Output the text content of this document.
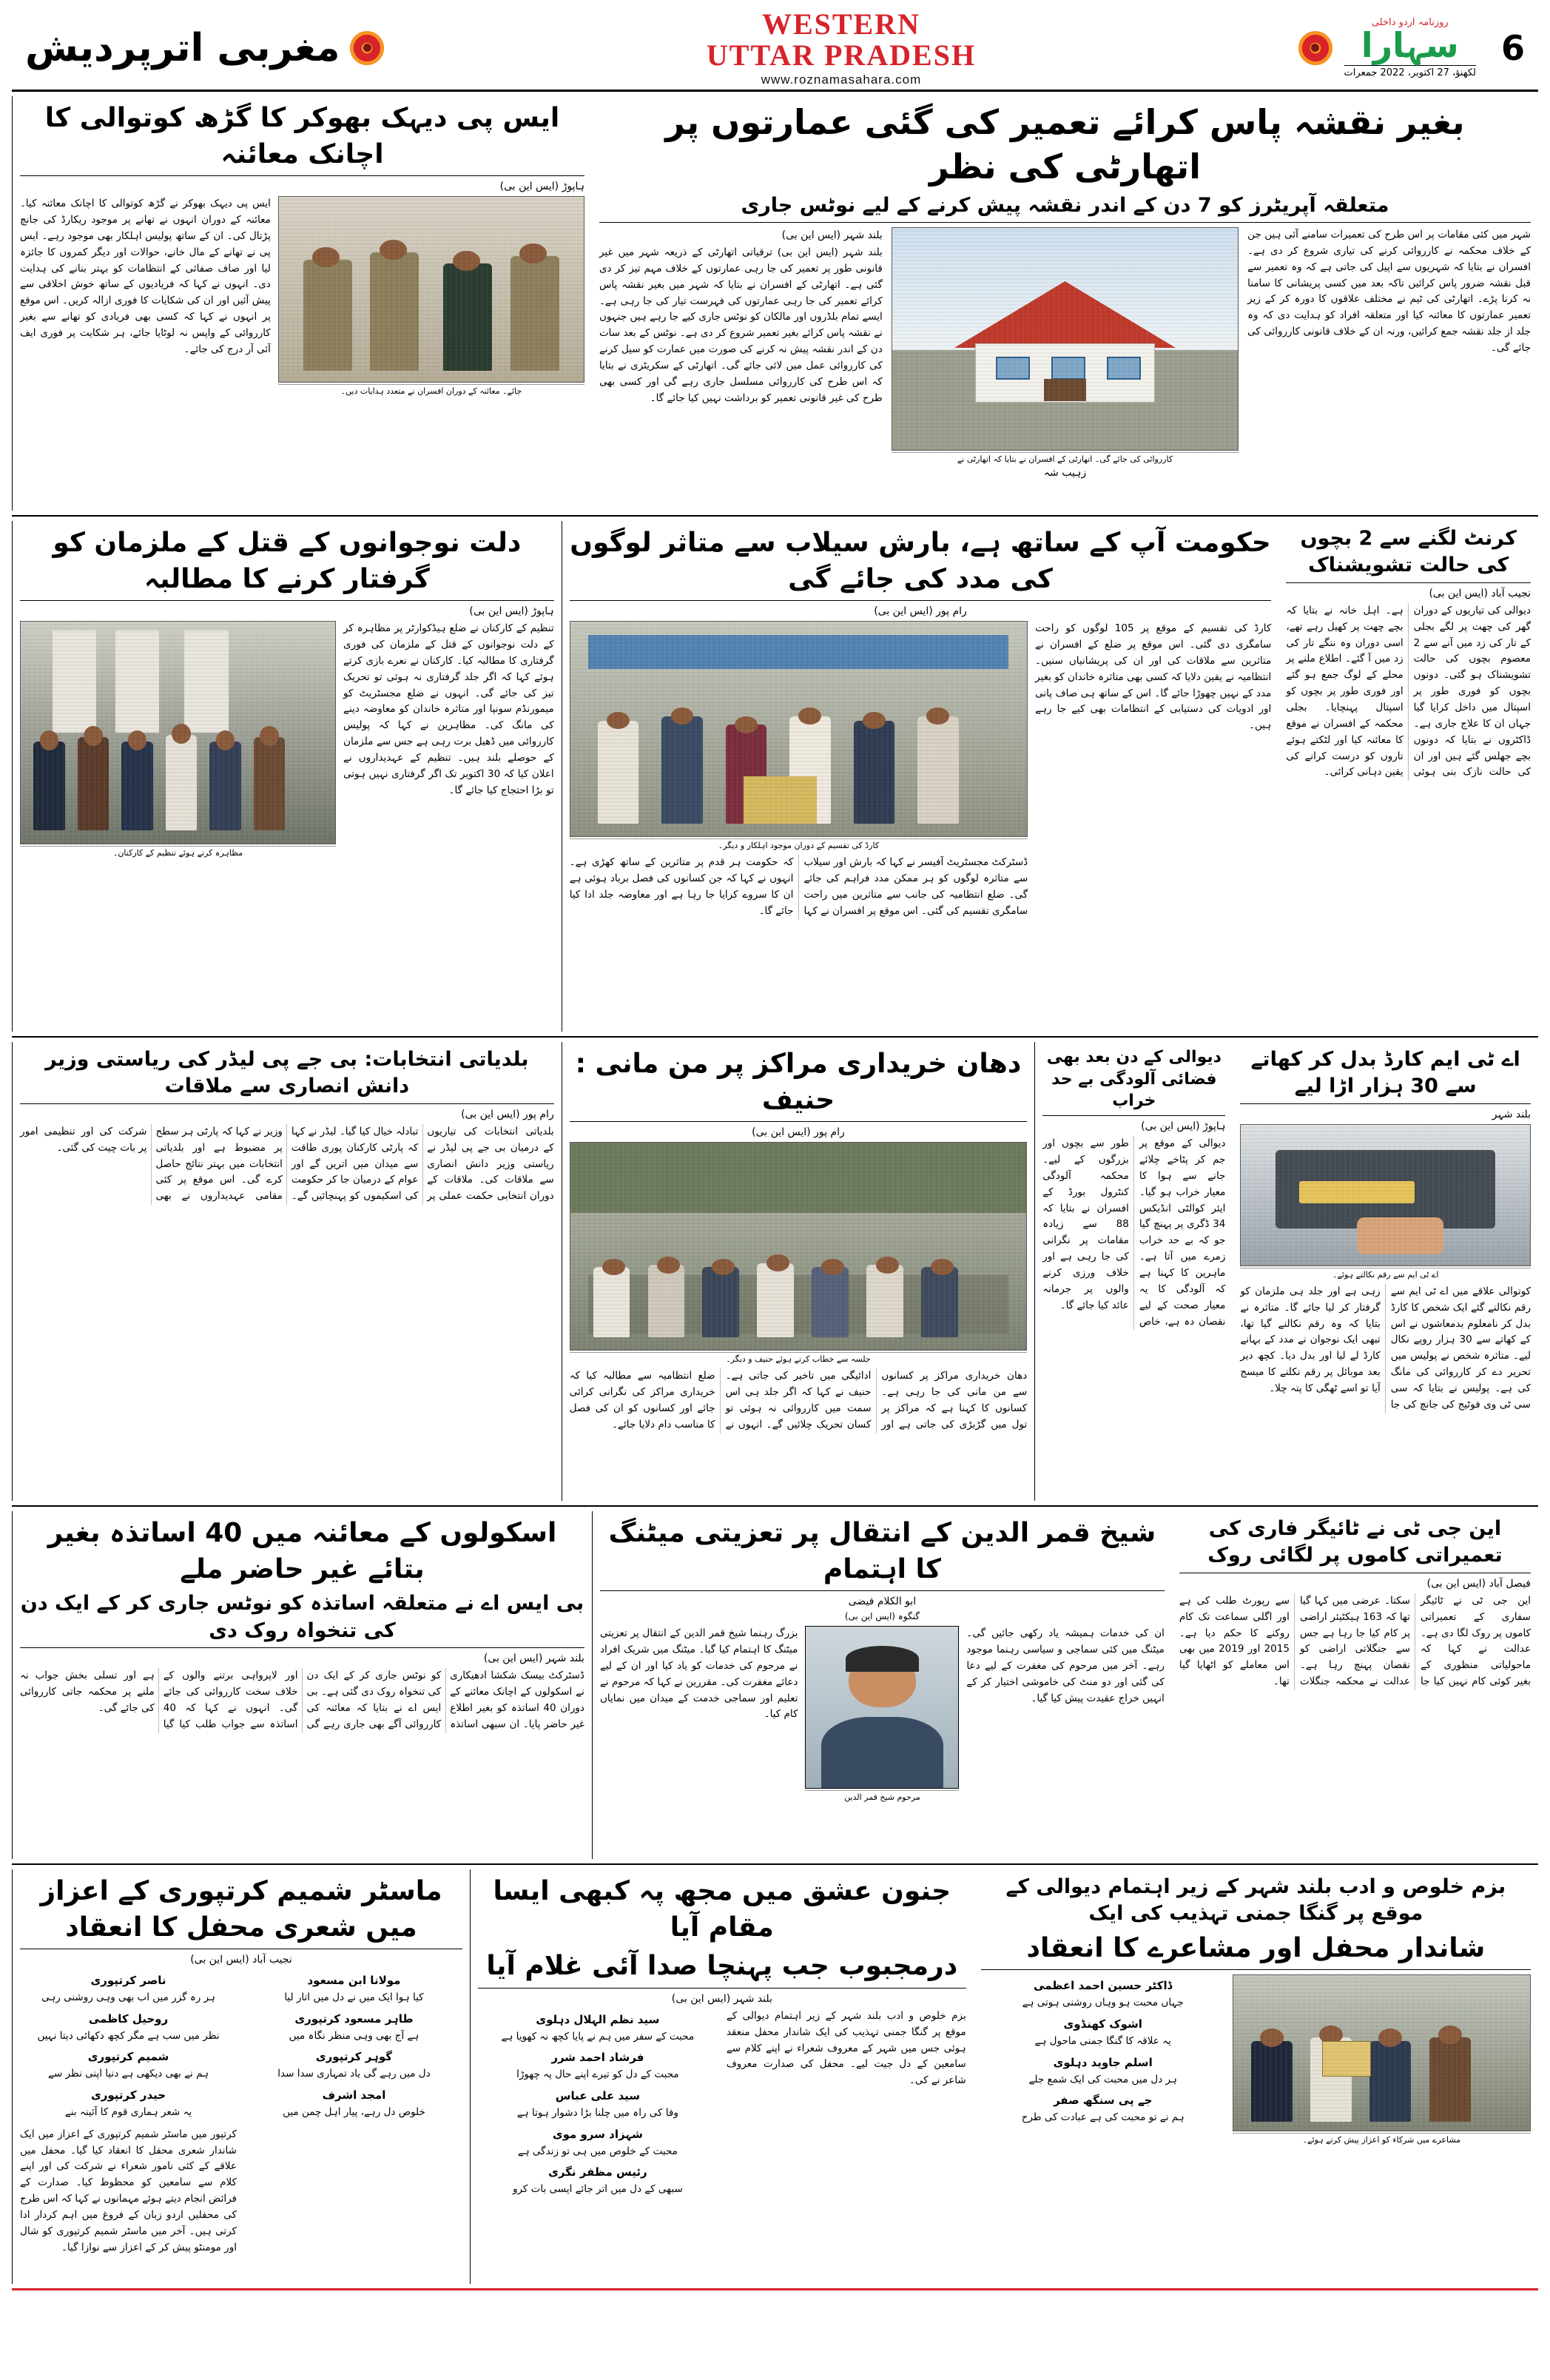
مغربی اترپردیش
WESTERN
UTTAR PRADESH
www.roznamasahara.com
روزنامہ اردو داخلی
سہارا
لکھنؤ، 27 اکتوبر، 2022 جمعرات
6
بغیر نقشہ پاس کرائے تعمیر کی گئی عمارتوں پر اتھارٹی کی نظر
متعلقہ آپریٹرز کو 7 دن کے اندر نقشہ پیش کرنے کے لیے نوٹس جاری
شہر میں کئی مقامات پر اس طرح کی تعمیرات سامنے آئی ہیں جن کے خلاف محکمہ نے کارروائی کرنے کی تیاری شروع کر دی ہے۔ افسران نے بتایا کہ شہریوں سے اپیل کی جاتی ہے کہ وہ تعمیر سے قبل نقشہ ضرور پاس کرائیں تاکہ بعد میں کسی پریشانی کا سامنا نہ کرنا پڑے۔ اتھارٹی کی ٹیم نے مختلف علاقوں کا دورہ کر کے زیر تعمیر عمارتوں کا معائنہ کیا اور متعلقہ افراد کو ہدایت دی کہ وہ جلد از جلد نقشہ جمع کرائیں، ورنہ ان کے خلاف قانونی کارروائی کی جائے گی۔
کارروائی کی جائے گی۔ اتھارٹی کے افسران نے بتایا کہ اتھارٹی نے
زہیب شہ
بلند شہر (ایس این بی)
بلند شہر (ایس این بی) ترقیاتی اتھارٹی کے ذریعہ شہر میں غیر قانونی طور پر تعمیر کی جا رہی عمارتوں کے خلاف مہم تیز کر دی گئی ہے۔ اتھارٹی کے افسران نے بتایا کہ شہر میں بغیر نقشہ پاس کرائے تعمیر کی جا رہی عمارتوں کی فہرست تیار کی جا رہی ہے۔ ایسے تمام بلڈروں اور مالکان کو نوٹس جاری کیے جا رہے ہیں جنہوں نے نقشہ پاس کرائے بغیر تعمیر شروع کر دی ہے۔ نوٹس کے بعد سات دن کے اندر نقشہ پیش نہ کرنے کی صورت میں عمارت کو سیل کرنے کی کارروائی عمل میں لائی جائے گی۔ اتھارٹی کے سکریٹری نے بتایا کہ اس طرح کی کارروائی مسلسل جاری رہے گی اور کسی بھی طرح کی غیر قانونی تعمیر کو برداشت نہیں کیا جائے گا۔
ایس پی دیہک بھوکر کا گڑھ کوتوالی کا اچانک معائنہ
ہاپوڑ (ایس این بی)
جائے۔ معائنہ کے دوران افسران نے متعدد ہدایات دیں۔
ایس پی دیہک بھوکر نے گڑھ کوتوالی کا اچانک معائنہ کیا۔ معائنہ کے دوران انہوں نے تھانے پر موجود ریکارڈ کی جانچ پڑتال کی۔ ان کے ساتھ پولیس اہلکار بھی موجود رہے۔ ایس پی نے تھانے کے مال خانے، حوالات اور دیگر کمروں کا جائزہ لیا اور صاف صفائی کے انتظامات کو بہتر بنانے کی ہدایت دی۔ انہوں نے کہا کہ فریادیوں کے ساتھ خوش اخلاقی سے پیش آئیں اور ان کی شکایات کا فوری ازالہ کریں۔ اس موقع پر انہوں نے کہا کہ کسی بھی فریادی کو تھانے سے بغیر کارروائی کے واپس نہ لوٹایا جائے، ہر شکایت پر فوری ایف آئی آر درج کی جائے۔
کرنٹ لگنے سے 2 بچوں کی حالت تشویشناک
نجیب آباد (ایس این بی)
دیوالی کی تیاریوں کے دوران گھر کی چھت پر لگے بجلی کے تار کی زد میں آنے سے 2 معصوم بچوں کی حالت تشویشناک ہو گئی۔ دونوں بچوں کو فوری طور پر اسپتال میں داخل کرایا گیا جہاں ان کا علاج جاری ہے۔ ڈاکٹروں نے بتایا کہ دونوں بچے جھلس گئے ہیں اور ان کی حالت نازک بنی ہوئی ہے۔ اہل خانہ نے بتایا کہ بچے چھت پر کھیل رہے تھے، اسی دوران وہ ننگے تار کی زد میں آ گئے۔ اطلاع ملنے پر محلے کے لوگ جمع ہو گئے اور فوری طور پر بچوں کو اسپتال پہنچایا۔ بجلی محکمہ کے افسران نے موقع کا معائنہ کیا اور لٹکتے ہوئے تاروں کو درست کرانے کی یقین دہانی کرائی۔
حکومت آپ کے ساتھ ہے، بارش سیلاب سے متاثر لوگوں کی مدد کی جائے گی
رام پور (ایس این بی)
کارڈ کی تقسیم کے موقع پر 105 لوگوں کو راحت سامگری دی گئی۔ اس موقع پر ضلع کے افسران نے متاثرین سے ملاقات کی اور ان کی پریشانیاں سنیں۔ انتظامیہ نے یقین دلایا کہ کسی بھی متاثرہ خاندان کو بغیر مدد کے نہیں چھوڑا جائے گا۔ اس کے ساتھ ہی صاف پانی اور ادویات کی دستیابی کے انتظامات بھی کیے جا رہے ہیں۔
کارڈ کی تقسیم کے دوران موجود اہلکار و دیگر۔
ڈسٹرکٹ مجسٹریٹ آفیسر نے کہا کہ بارش اور سیلاب سے متاثرہ لوگوں کو ہر ممکن مدد فراہم کی جائے گی۔ ضلع انتظامیہ کی جانب سے متاثرین میں راحت سامگری تقسیم کی گئی۔ اس موقع پر افسران نے کہا کہ حکومت ہر قدم پر متاثرین کے ساتھ کھڑی ہے۔ انہوں نے کہا کہ جن کسانوں کی فصل برباد ہوئی ہے ان کا سروے کرایا جا رہا ہے اور معاوضہ جلد ادا کیا جائے گا۔
دلت نوجوانوں کے قتل کے ملزمان کو گرفتار کرنے کا مطالبہ
ہاپوڑ (ایس این بی)
تنظیم کے کارکنان نے ضلع ہیڈکوارٹر پر مظاہرہ کر کے دلت نوجوانوں کے قتل کے ملزمان کی فوری گرفتاری کا مطالبہ کیا۔ کارکنان نے نعرے بازی کرتے ہوئے کہا کہ اگر جلد گرفتاری نہ ہوئی تو تحریک تیز کی جائے گی۔ انہوں نے ضلع مجسٹریٹ کو میمورنڈم سونپا اور متاثرہ خاندان کو معاوضہ دینے کی مانگ کی۔ مظاہرین نے کہا کہ پولیس کارروائی میں ڈھیل برت رہی ہے جس سے ملزمان کے حوصلے بلند ہیں۔ تنظیم کے عہدیداروں نے اعلان کیا کہ 30 اکتوبر تک اگر گرفتاری نہیں ہوتی تو بڑا احتجاج کیا جائے گا۔
مظاہرہ کرتے ہوئے تنظیم کے کارکنان۔
اے ٹی ایم کارڈ بدل کر کھاتے سے 30 ہزار اڑا لیے
بلند شہر
اے ٹی ایم سے رقم نکالتے ہوئے۔
کوتوالی علاقے میں اے ٹی ایم سے رقم نکالنے گئے ایک شخص کا کارڈ بدل کر نامعلوم بدمعاشوں نے اس کے کھاتے سے 30 ہزار روپے نکال لیے۔ متاثرہ شخص نے پولیس میں تحریر دے کر کارروائی کی مانگ کی ہے۔ پولیس نے بتایا کہ سی سی ٹی وی فوٹیج کی جانچ کی جا رہی ہے اور جلد ہی ملزمان کو گرفتار کر لیا جائے گا۔ متاثرہ نے بتایا کہ وہ رقم نکالنے گیا تھا، تبھی ایک نوجوان نے مدد کے بہانے کارڈ لے لیا اور بدل دیا۔ کچھ دیر بعد موبائل پر رقم نکلنے کا میسج آیا تو اسے ٹھگی کا پتہ چلا۔
دیوالی کے دن بعد بھی فضائی آلودگی بے حد خراب
ہاپوڑ (ایس این بی)
دیوالی کے موقع پر جم کر پٹاخے چلائے جانے سے ہوا کا معیار خراب ہو گیا۔ ایئر کوالٹی انڈیکس 34 ڈگری پر پہنچ گیا جو کہ بے حد خراب زمرے میں آتا ہے۔ ماہرین کا کہنا ہے کہ آلودگی کا یہ معیار صحت کے لیے نقصان دہ ہے، خاص طور سے بچوں اور بزرگوں کے لیے۔ محکمہ آلودگی کنٹرول بورڈ کے افسران نے بتایا کہ 88 سے زیادہ مقامات پر نگرانی کی جا رہی ہے اور خلاف ورزی کرنے والوں پر جرمانہ عائد کیا جائے گا۔
دھان خریداری مراکز پر من مانی : حنیف
رام پور (ایس این بی)
جلسہ سے خطاب کرتے ہوئے حنیف و دیگر۔
دھان خریداری مراکز پر کسانوں سے من مانی کی جا رہی ہے۔ کسانوں کا کہنا ہے کہ مراکز پر تول میں گڑبڑی کی جاتی ہے اور ادائیگی میں تاخیر کی جاتی ہے۔ حنیف نے کہا کہ اگر جلد ہی اس سمت میں کارروائی نہ ہوئی تو کسان تحریک چلائیں گے۔ انہوں نے ضلع انتظامیہ سے مطالبہ کیا کہ خریداری مراکز کی نگرانی کرائی جائے اور کسانوں کو ان کی فصل کا مناسب دام دلایا جائے۔
بلدیاتی انتخابات: بی جے پی لیڈر کی ریاستی وزیر دانش انصاری سے ملاقات
رام پور (ایس این بی)
بلدیاتی انتخابات کی تیاریوں کے درمیان بی جے پی لیڈر نے ریاستی وزیر دانش انصاری سے ملاقات کی۔ ملاقات کے دوران انتخابی حکمت عملی پر تبادلہ خیال کیا گیا۔ لیڈر نے کہا کہ پارٹی کارکنان پوری طاقت سے میدان میں اتریں گے اور عوام کے درمیان جا کر حکومت کی اسکیموں کو پہنچائیں گے۔ وزیر نے کہا کہ پارٹی ہر سطح پر مضبوط ہے اور بلدیاتی انتخابات میں بہتر نتائج حاصل کرے گی۔ اس موقع پر کئی مقامی عہدیداروں نے بھی شرکت کی اور تنظیمی امور پر بات چیت کی گئی۔
این جی ٹی نے ٹائیگر فاری کی تعمیراتی کاموں پر لگائی روک
فیصل آباد (ایس این بی)
این جی ٹی نے ٹائیگر سفاری کے تعمیراتی کاموں پر روک لگا دی ہے۔ عدالت نے کہا کہ ماحولیاتی منظوری کے بغیر کوئی کام نہیں کیا جا سکتا۔ عرضی میں کہا گیا تھا کہ 163 ہیکٹیئر اراضی پر کام کیا جا رہا ہے جس سے جنگلاتی اراضی کو نقصان پہنچ رہا ہے۔ عدالت نے محکمہ جنگلات سے رپورٹ طلب کی ہے اور اگلی سماعت تک کام روکنے کا حکم دیا ہے۔ 2015 اور 2019 میں بھی اس معاملے کو اٹھایا گیا تھا۔
شیخ قمر الدین کے انتقال پر تعزیتی میٹنگ کا اہتمام
ابو الکلام فیضی
گنگوہ (ایس این بی)
ان کی خدمات ہمیشہ یاد رکھی جائیں گی۔ میٹنگ میں کئی سماجی و سیاسی رہنما موجود رہے۔ آخر میں مرحوم کی مغفرت کے لیے دعا کی گئی اور دو منٹ کی خاموشی اختیار کر کے انہیں خراج عقیدت پیش کیا گیا۔
مرحوم شیخ قمر الدین
بزرگ رہنما شیخ قمر الدین کے انتقال پر تعزیتی میٹنگ کا اہتمام کیا گیا۔ میٹنگ میں شریک افراد نے مرحوم کی خدمات کو یاد کیا اور ان کے لیے دعائے مغفرت کی۔ مقررین نے کہا کہ مرحوم نے تعلیم اور سماجی خدمت کے میدان میں نمایاں کام کیا۔
اسکولوں کے معائنہ میں 40 اساتذہ بغیر بتائے غیر حاضر ملے
بی ایس اے نے متعلقہ اساتذہ کو نوٹس جاری کر کے ایک دن کی تنخواہ روک دی
بلند شہر (ایس این بی)
ڈسٹرکٹ بیسک شکشا ادھیکاری نے اسکولوں کے اچانک معائنے کے دوران 40 اساتذہ کو بغیر اطلاع غیر حاضر پایا۔ ان سبھی اساتذہ کو نوٹس جاری کر کے ایک دن کی تنخواہ روک دی گئی ہے۔ بی ایس اے نے بتایا کہ معائنہ کی کارروائی آگے بھی جاری رہے گی اور لاپرواہی برتنے والوں کے خلاف سخت کارروائی کی جائے گی۔ انہوں نے کہا کہ 40 اساتذہ سے جواب طلب کیا گیا ہے اور تسلی بخش جواب نہ ملنے پر محکمہ جاتی کارروائی کی جائے گی۔
بزم خلوص و ادب بلند شہر کے زیر اہتمام دیوالی کے موقع پر گنگا جمنی تہذیب کی ایک
شاندار محفل اور مشاعرے کا انعقاد
مشاعرے میں شرکاء کو اعزاز پیش کرتے ہوئے۔
ڈاکٹر حسین احمد اعظمی
جہاں محبت ہو وہاں روشنی ہوتی ہے
اشوک کھنڈوی
یہ علاقہ کا گنگا جمنی ماحول ہے
اسلم جاوید دہلوی
ہر دل میں محبت کی ایک شمع جلے
جے پی سنگھ صفر
ہم نے تو محبت کی ہے عبادت کی طرح
جنون عشق میں مجھ پہ کبھی ایسا مقام آیا
درمجبوب جب پہنچا صدا آئی غلام آیا
بلند شہر (ایس این بی)
بزم خلوص و ادب بلند شہر کے زیر اہتمام دیوالی کے موقع پر گنگا جمنی تہذیب کی ایک شاندار محفل منعقد ہوئی جس میں شہر کے معروف شعراء نے اپنے کلام سے سامعین کے دل جیت لیے۔ محفل کی صدارت معروف شاعر نے کی۔
سید نظم الہلال دہلوی
محبت کے سفر میں ہم نے پایا کچھ نہ کھویا ہے
فرشاد احمد شرر
محبت کے دل کو تیرے اپنے حال پہ چھوڑا
سید علی عباس
وفا کی راہ میں چلنا بڑا دشوار ہوتا ہے
شہزاد سرو موی
محبت کے خلوص میں ہی تو زندگی ہے
رئیس مظفر نگری
سبھی کے دل میں اتر جائے ایسی بات کرو
ماسٹر شمیم کرتپوری کے اعزاز میں شعری محفل کا انعقاد
نجیب آباد (ایس این بی)
مولانا ابن مسعود
کیا ہوا ایک میں نے دل میں اتار لیا
طاہر مسعود کرتپوری
ہے آج بھی وہی منظر نگاہ میں
گوہر کرتپوری
دل میں رہے گی یاد تمہاری سدا سدا
امجد اشرف
خلوص دل رہے، پیار اہل چمن میں
ناصر کرتپوری
ہر رہ گزر میں اب بھی وہی روشنی رہی
روحیل کاظمی
نظر میں سب ہے مگر کچھ دکھائی دیتا نہیں
شمیم کرتپوری
ہم نے بھی دیکھی ہے دنیا اپنی نظر سے
حیدر کرتپوری
یہ شعر ہماری قوم کا آئینہ بنے
کرتپور میں ماسٹر شمیم کرتپوری کے اعزاز میں ایک شاندار شعری محفل کا انعقاد کیا گیا۔ محفل میں علاقے کے کئی نامور شعراء نے شرکت کی اور اپنے کلام سے سامعین کو محظوظ کیا۔ صدارت کے فرائض انجام دیتے ہوئے مہمانوں نے کہا کہ اس طرح کی محفلیں اردو زبان کے فروغ میں اہم کردار ادا کرتی ہیں۔ آخر میں ماسٹر شمیم کرتپوری کو شال اور مومنٹو پیش کر کے اعزاز سے نوازا گیا۔
